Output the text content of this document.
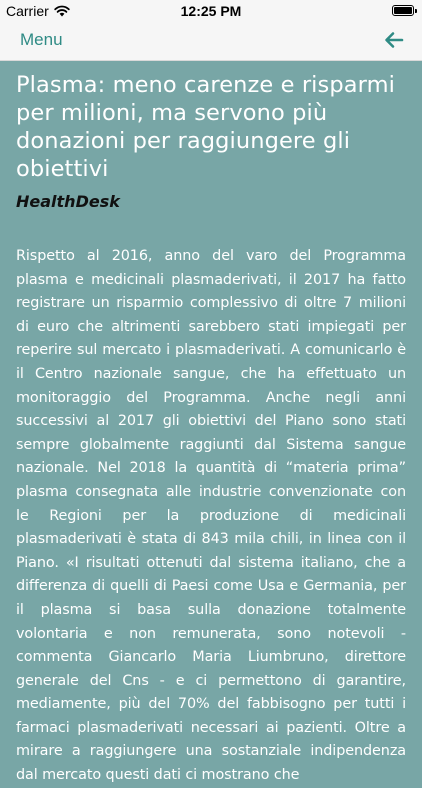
Carrier	12:25 PM
Menu
Plasma: meno carenze e risparmi per milioni, ma servono più donazioni per raggiungere gli obiettivi
HealthDesk

Rispetto al 2016, anno del varo del Programma plasma e medicinali plasmaderivati, il 2017 ha fatto registrare un risparmio complessivo di oltre 7 milioni di euro che altrimenti sarebbero stati impiegati per reperire sul mercato i plasmaderivati. A comunicarlo è il Centro nazionale sangue, che ha effettuato un monitoraggio del Programma. Anche negli anni successivi al 2017 gli obiettivi del Piano sono stati sempre globalmente raggiunti dal Sistema sangue nazionale. Nel 2018 la quantità di “materia prima” plasma consegnata alle industrie convenzionate con le Regioni per la produzione di medicinali plasmaderivati è stata di 843 mila chili, in linea con il Piano. «I risultati ottenuti dal sistema italiano, che a differenza di quelli di Paesi come Usa e Germania, per il plasma si basa sulla donazione totalmente volontaria e non remunerata, sono notevoli - commenta Giancarlo Maria Liumbruno, direttore generale del Cns - e ci permettono di garantire, mediamente, più del 70% del fabbisogno per tutti i farmaci plasmaderivati necessari ai pazienti. Oltre a mirare a raggiungere una sostanziale indipendenza dal mercato questi dati ci mostrano che
